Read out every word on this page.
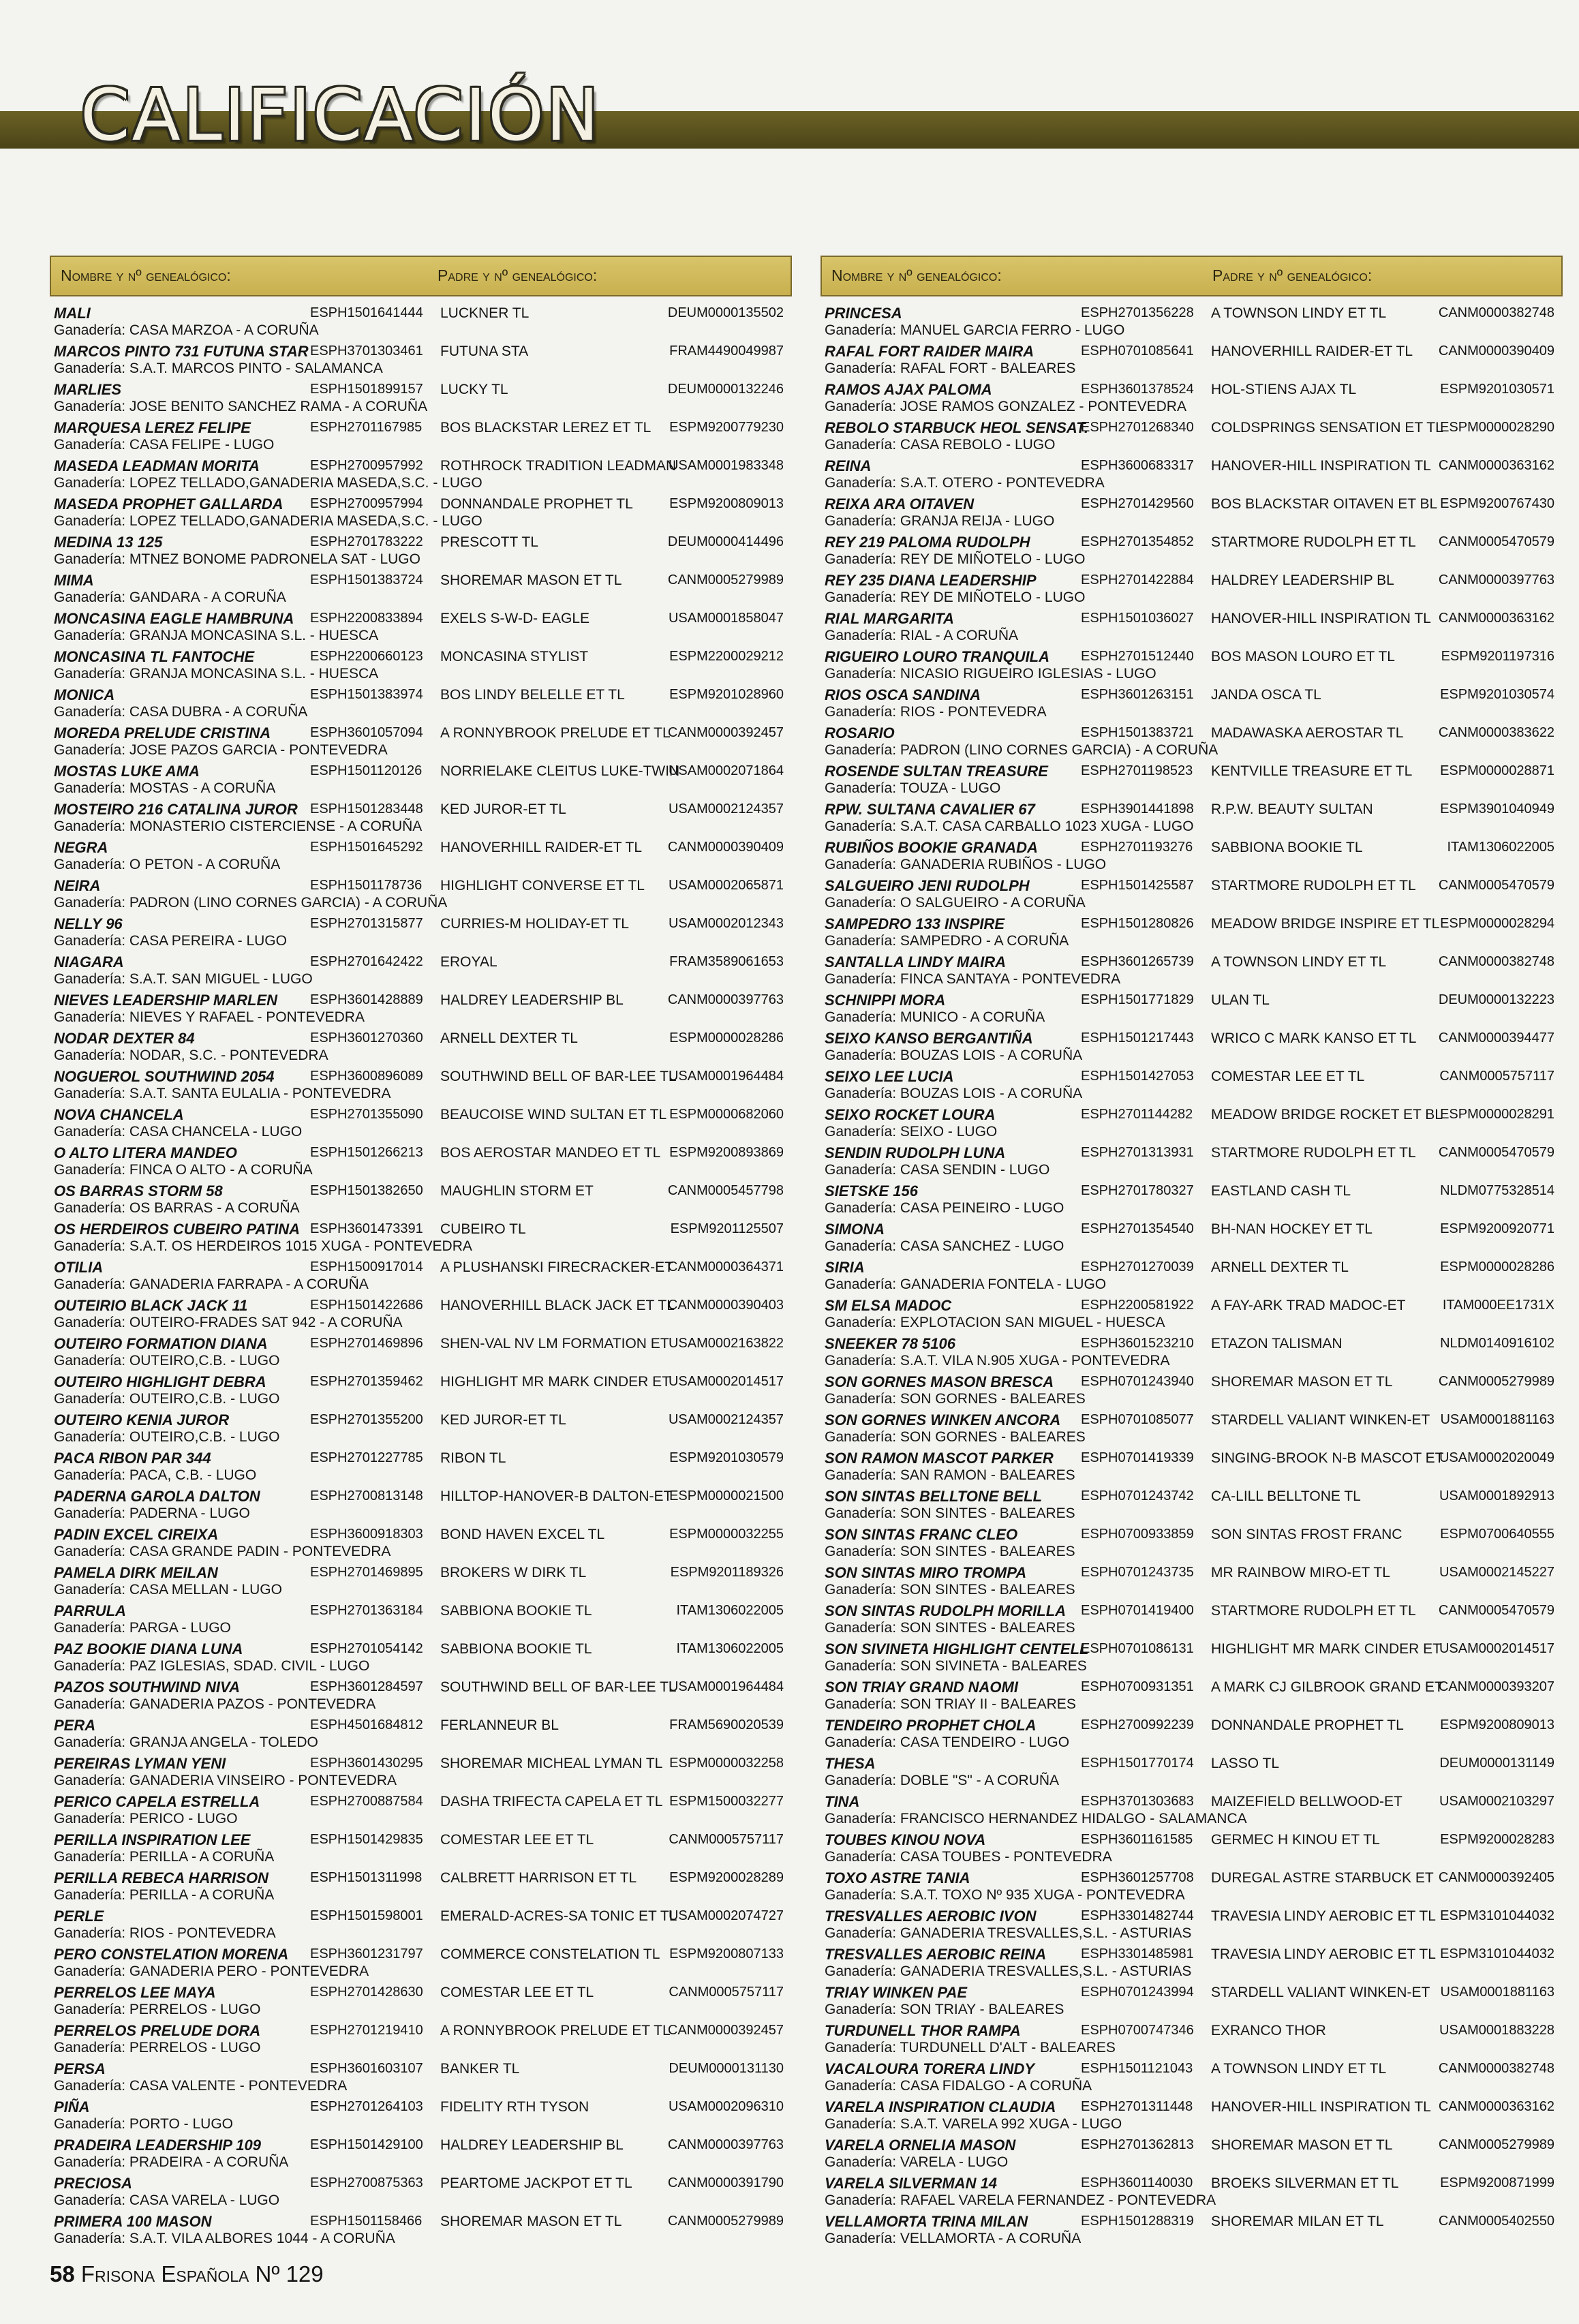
CALIFICACIÓN
Nombre y nº genealógico:	Padre y nº genealógico:
MALI	ESPH1501641444 LUCKNER TL	DEUM0000135502
Ganadería: CASA MARZOA - A CORUÑA
MARCOS PINTO 731 FUTUNA STAR ESPH3701303461 FUTUNA STA	FRAM4490049987
Ganadería: S.A.T. MARCOS PINTO - SALAMANCA
MARLIES	ESPH1501899157 LUCKY TL	DEUM0000132246
Ganadería: JOSE BENITO SANCHEZ RAMA - A CORUÑA
MARQUESA LEREZ FELIPE	ESPH2701167985 BOS BLACKSTAR LEREZ ET TL ESPM9200779230
Ganadería: CASA FELIPE - LUGO
MASEDA LEADMAN MORITA	ESPH2700957992 ROTHROCK TRADITION LEADMAN
USAM0001983348
Ganadería: LOPEZ TELLADO,GANADERIA MASEDA,S.C. - LUGO
MASEDA PROPHET GALLARDA ESPH2700957994 DONNANDALE PROPHET TL	ESPM9200809013
Ganadería: LOPEZ TELLADO,GANADERIA MASEDA,S.C. - LUGO
MEDINA 13 125	ESPH2701783222 PRESCOTT TL	DEUM0000414496
Ganadería: MTNEZ BONOME PADRONELA SAT - LUGO
MIMA	ESPH1501383724 SHOREMAR MASON ET TL	CANM0005279989
Ganadería: GANDARA - A CORUÑA
MONCASINA EAGLE HAMBRUNA ESPH2200833894 EXELS S-W-D- EAGLE	USAM0001858047
Ganadería: GRANJA MONCASINA S.L. - HUESCA
MONCASINA TL FANTOCHE	ESPH2200660123 MONCASINA STYLIST	ESPM2200029212
Ganadería: GRANJA MONCASINA S.L. - HUESCA
MONICA	ESPH1501383974 BOS LINDY BELELLE ET TL	ESPM9201028960
Ganadería: CASA DUBRA - A CORUÑA
MOREDA PRELUDE CRISTINA	ESPH3601057094 A RONNYBROOK PRELUDE ET TL
CANM0000392457
Ganadería: JOSE PAZOS GARCIA - PONTEVEDRA
MOSTAS LUKE AMA	ESPH1501120126 NORRIELAKE CLEITUS LUKE-TWIN
USAM0002071864
Ganadería: MOSTAS - A CORUÑA
MOSTEIRO 216 CATALINA JUROR ESPH1501283448 KED JUROR-ET TL	USAM0002124357
Ganadería: MONASTERIO CISTERCIENSE - A CORUÑA
NEGRA	ESPH1501645292 HANOVERHILL RAIDER-ET TL CANM0000390409
Ganadería: O PETON - A CORUÑA
NEIRA	ESPH1501178736 HIGHLIGHT CONVERSE ET TL USAM0002065871
Ganadería: PADRON (LINO CORNES GARCIA) - A CORUÑA
NELLY 96	ESPH2701315877 CURRIES-M HOLIDAY-ET TL	USAM0002012343
Ganadería: CASA PEREIRA - LUGO
NIAGARA	ESPH2701642422 EROYAL	FRAM3589061653
Ganadería: S.A.T. SAN MIGUEL - LUGO
NIEVES LEADERSHIP MARLEN ESPH3601428889 HALDREY LEADERSHIP BL	CANM0000397763
Ganadería: NIEVES Y RAFAEL - PONTEVEDRA
NODAR DEXTER 84	ESPH3601270360 ARNELL DEXTER TL	ESPM0000028286
Ganadería: NODAR, S.C. - PONTEVEDRA
NOGUEROL SOUTHWIND 2054	ESPH3600896089 SOUTHWIND BELL OF BAR-LEE TL
USAM0001964484
Ganadería: S.A.T. SANTA EULALIA - PONTEVEDRA
NOVA CHANCELA	ESPH2701355090 BEAUCOISE WIND SULTAN ET TL ESPM0000682060
Ganadería: CASA CHANCELA - LUGO
O ALTO LITERA MANDEO	ESPH1501266213 BOS AEROSTAR MANDEO ET TL ESPM9200893869
Ganadería: FINCA O ALTO - A CORUÑA
OS BARRAS STORM 58	ESPH1501382650 MAUGHLIN STORM ET	CANM0005457798
Ganadería: OS BARRAS - A CORUÑA
OS HERDEIROS CUBEIRO PATINA ESPH3601473391 CUBEIRO TL	ESPM9201125507
Ganadería: S.A.T. OS HERDEIROS 1015 XUGA - PONTEVEDRA
OTILIA	ESPH1500917014 A PLUSHANSKI FIRECRACKER-ET
CANM0000364371
Ganadería: GANADERIA FARRAPA - A CORUÑA
OUTEIRIO BLACK JACK 11	ESPH1501422686 HANOVERHILL BLACK JACK ET TL
CANM0000390403
Ganadería: OUTEIRO-FRADES SAT 942 - A CORUÑA
OUTEIRO FORMATION DIANA	ESPH2701469896 SHEN-VAL NV LM FORMATION ET USAM0002163822
Ganadería: OUTEIRO,C.B. - LUGO
OUTEIRO HIGHLIGHT DEBRA	ESPH2701359462 HIGHLIGHT MR MARK CINDER ET
USAM0002014517
Ganadería: OUTEIRO,C.B. - LUGO
OUTEIRO KENIA JUROR	ESPH2701355200 KED JUROR-ET TL	USAM0002124357
Ganadería: OUTEIRO,C.B. - LUGO
PACA RIBON PAR 344	ESPH2701227785 RIBON TL	ESPM9201030579
Ganadería: PACA, C.B. - LUGO
PADERNA GAROLA DALTON	ESPH2700813148 HILLTOP-HANOVER-B DALTON-ET
ESPM0000021500
Ganadería: PADERNA - LUGO
PADIN EXCEL CIREIXA	ESPH3600918303 BOND HAVEN EXCEL TL	ESPM0000032255
Ganadería: CASA GRANDE PADIN - PONTEVEDRA
PAMELA DIRK MEILAN	ESPH2701469895 BROKERS W DIRK TL	ESPM9201189326
Ganadería: CASA MELLAN - LUGO
PARRULA	ESPH2701363184 SABBIONA BOOKIE TL	ITAM1306022005
Ganadería: PARGA - LUGO
PAZ BOOKIE DIANA LUNA	ESPH2701054142 SABBIONA BOOKIE TL	ITAM1306022005
Ganadería: PAZ IGLESIAS, SDAD. CIVIL - LUGO
PAZOS SOUTHWIND NIVA	ESPH3601284597 SOUTHWIND BELL OF BAR-LEE TL
USAM0001964484
Ganadería: GANADERIA PAZOS - PONTEVEDRA
PERA	ESPH4501684812 FERLANNEUR BL	FRAM5690020539
Ganadería: GRANJA ANGELA - TOLEDO
PEREIRAS LYMAN YENI	ESPH3601430295 SHOREMAR MICHEAL LYMAN TL ESPM0000032258
Ganadería: GANADERIA VINSEIRO - PONTEVEDRA
PERICO CAPELA ESTRELLA	ESPH2700887584 DASHA TRIFECTA CAPELA ET TL ESPM1500032277
Ganadería: PERICO - LUGO
PERILLA INSPIRATION LEE	ESPH1501429835 COMESTAR LEE ET TL	CANM0005757117
Ganadería: PERILLA - A CORUÑA
PERILLA REBECA HARRISON	ESPH1501311998 CALBRETT HARRISON ET TL ESPM9200028289
Ganadería: PERILLA - A CORUÑA
PERLE	ESPH1501598001 EMERALD-ACRES-SA TONIC ET TL
USAM0002074727
Ganadería: RIOS - PONTEVEDRA
PERO CONSTELATION MORENA ESPH3601231797 COMMERCE CONSTELATION TL ESPM9200807133
Ganadería: GANADERIA PERO - PONTEVEDRA
PERRELOS LEE MAYA	ESPH2701428630 COMESTAR LEE ET TL	CANM0005757117
Ganadería: PERRELOS - LUGO
PERRELOS PRELUDE DORA	ESPH2701219410 A RONNYBROOK PRELUDE ET TL
CANM0000392457
Ganadería: PERRELOS - LUGO
PERSA	ESPH3601603107 BANKER TL	DEUM0000131130
Ganadería: CASA VALENTE - PONTEVEDRA
PIÑA	ESPH2701264103 FIDELITY RTH TYSON	USAM0002096310
Ganadería: PORTO - LUGO
PRADEIRA LEADERSHIP 109	ESPH1501429100 HALDREY LEADERSHIP BL	CANM0000397763
Ganadería: PRADEIRA - A CORUÑA
PRECIOSA	ESPH2700875363 PEARTOME JACKPOT ET TL	CANM0000391790
Ganadería: CASA VARELA - LUGO
PRIMERA 100 MASON	ESPH1501158466 SHOREMAR MASON ET TL	CANM0005279989
Ganadería: S.A.T. VILA ALBORES 1044 - A CORUÑA
Nombre y nº genealógico:	Padre y nº genealógico:
PRINCESA	ESPH2701356228 A TOWNSON LINDY ET TL	CANM0000382748
Ganadería: MANUEL GARCIA FERRO - LUGO
RAFAL FORT RAIDER MAIRA	ESPH0701085641 HANOVERHILL RAIDER-ET TL CANM0000390409
Ganadería: RAFAL FORT - BALEARES
RAMOS AJAX PALOMA	ESPH3601378524 HOL-STIENS AJAX TL	ESPM9201030571
Ganadería: JOSE RAMOS GONZALEZ - PONTEVEDRA
REBOLO STARBUCK HEOL SENSAT.
ESPH2701268340 COLDSPRINGS SENSATION ET TL
ESPM0000028290
Ganadería: CASA REBOLO - LUGO
REINA	ESPH3600683317 HANOVER-HILL INSPIRATION TL CANM0000363162
Ganadería: S.A.T. OTERO - PONTEVEDRA
REIXA ARA OITAVEN	ESPH2701429560 BOS BLACKSTAR OITAVEN ET BL ESPM9200767430
Ganadería: GRANJA REIJA - LUGO
REY 219 PALOMA RUDOLPH	ESPH2701354852 STARTMORE RUDOLPH ET TL CANM0005470579
Ganadería: REY DE MIÑOTELO - LUGO
REY 235 DIANA LEADERSHIP	ESPH2701422884 HALDREY LEADERSHIP BL	CANM0000397763
Ganadería: REY DE MIÑOTELO - LUGO
RIAL MARGARITA	ESPH1501036027 HANOVER-HILL INSPIRATION TL CANM0000363162
Ganadería: RIAL - A CORUÑA
RIGUEIRO LOURO TRANQUILA ESPH2701512440 BOS MASON LOURO ET TL	ESPM9201197316
Ganadería: NICASIO RIGUEIRO IGLESIAS - LUGO
RIOS OSCA SANDINA	ESPH3601263151 JANDA OSCA TL	ESPM9201030574
Ganadería: RIOS - PONTEVEDRA
ROSARIO	ESPH1501383721 MADAWASKA AEROSTAR TL	CANM0000383622
Ganadería: PADRON (LINO CORNES GARCIA) - A CORUÑA
ROSENDE SULTAN TREASURE ESPH2701198523 KENTVILLE TREASURE ET TL ESPM0000028871
Ganadería: TOUZA - LUGO
RPW. SULTANA CAVALIER 67	ESPH3901441898 R.P.W. BEAUTY SULTAN	ESPM3901040949
Ganadería: S.A.T. CASA CARBALLO 1023 XUGA - LUGO
RUBIÑOS BOOKIE GRANADA	ESPH2701193276 SABBIONA BOOKIE TL	ITAM1306022005
Ganadería: GANADERIA RUBIÑOS - LUGO
SALGUEIRO JENI RUDOLPH	ESPH1501425587 STARTMORE RUDOLPH ET TL CANM0005470579
Ganadería: O SALGUEIRO - A CORUÑA
SAMPEDRO 133 INSPIRE	ESPH1501280826 MEADOW BRIDGE INSPIRE ET TL ESPM0000028294
Ganadería: SAMPEDRO - A CORUÑA
SANTALLA LINDY MAIRA	ESPH3601265739 A TOWNSON LINDY ET TL	CANM0000382748
Ganadería: FINCA SANTAYA - PONTEVEDRA
SCHNIPPI MORA	ESPH1501771829 ULAN TL	DEUM0000132223
Ganadería: MUNICO - A CORUÑA
SEIXO KANSO BERGANTIÑA	ESPH1501217443 WRICO C MARK KANSO ET TL CANM0000394477
Ganadería: BOUZAS LOIS - A CORUÑA
SEIXO LEE LUCIA	ESPH1501427053 COMESTAR LEE ET TL	CANM0005757117
Ganadería: BOUZAS LOIS - A CORUÑA
SEIXO ROCKET LOURA	ESPH2701144282 MEADOW BRIDGE ROCKET ET BL
ESPM0000028291
Ganadería: SEIXO - LUGO
SENDIN RUDOLPH LUNA	ESPH2701313931 STARTMORE RUDOLPH ET TL CANM0005470579
Ganadería: CASA SENDIN - LUGO
SIETSKE 156	ESPH2701780327 EASTLAND CASH TL	NLDM0775328514
Ganadería: CASA PEINEIRO - LUGO
SIMONA	ESPH2701354540 BH-NAN HOCKEY ET TL	ESPM9200920771
Ganadería: CASA SANCHEZ - LUGO
SIRIA	ESPH2701270039 ARNELL DEXTER TL	ESPM0000028286
Ganadería: GANADERIA FONTELA - LUGO
SM ELSA MADOC	ESPH2200581922 A FAY-ARK TRAD MADOC-ET	ITAM000EE1731X
Ganadería: EXPLOTACION SAN MIGUEL - HUESCA
SNEEKER 78 5106	ESPH3601523210 ETAZON TALISMAN	NLDM0140916102
Ganadería: S.A.T. VILA N.905 XUGA - PONTEVEDRA
SON GORNES MASON BRESCA ESPH0701243940 SHOREMAR MASON ET TL	CANM0005279989
Ganadería: SON GORNES - BALEARES
SON GORNES WINKEN ANCORA ESPH0701085077 STARDELL VALIANT WINKEN-ET USAM0001881163
Ganadería: SON GORNES - BALEARES
SON RAMON MASCOT PARKER ESPH0701419339 SINGING-BROOK N-B MASCOT ET
USAM0002020049
Ganadería: SAN RAMON - BALEARES
SON SINTAS BELLTONE BELL	ESPH0701243742 CA-LILL BELLTONE TL	USAM0001892913
Ganadería: SON SINTES - BALEARES
SON SINTAS FRANC CLEO	ESPH0700933859 SON SINTAS FROST FRANC	ESPM0700640555
Ganadería: SON SINTES - BALEARES
SON SINTAS MIRO TROMPA	ESPH0701243735 MR RAINBOW MIRO-ET TL	USAM0002145227
Ganadería: SON SINTES - BALEARES
SON SINTAS RUDOLPH MORILLA ESPH0701419400 STARTMORE RUDOLPH ET TL CANM0005470579
Ganadería: SON SINTES - BALEARES
SON SIVINETA HIGHLIGHT CENTELL
ESPH0701086131 HIGHLIGHT MR MARK CINDER ET
USAM0002014517
Ganadería: SON SIVINETA - BALEARES
SON TRIAY GRAND NAOMI	ESPH0700931351 A MARK CJ GILBROOK GRAND ET
CANM0000393207
Ganadería: SON TRIAY II - BALEARES
TENDEIRO PROPHET CHOLA	ESPH2700992239 DONNANDALE PROPHET TL	ESPM9200809013
Ganadería: CASA TENDEIRO - LUGO
THESA	ESPH1501770174 LASSO TL	DEUM0000131149
Ganadería: DOBLE "S" - A CORUÑA
TINA	ESPH3701303683 MAIZEFIELD BELLWOOD-ET	USAM0002103297
Ganadería: FRANCISCO HERNANDEZ HIDALGO - SALAMANCA
TOUBES KINOU NOVA	ESPH3601161585 GERMEC H KINOU ET TL	ESPM9200028283
Ganadería: CASA TOUBES - PONTEVEDRA
TOXO ASTRE TANIA	ESPH3601257708 DUREGAL ASTRE STARBUCK ET CANM0000392405
Ganadería: S.A.T. TOXO Nº 935 XUGA - PONTEVEDRA
TRESVALLES AEROBIC IVON	ESPH3301482744 TRAVESIA LINDY AEROBIC ET TL ESPM3101044032
Ganadería: GANADERIA TRESVALLES,S.L. - ASTURIAS
TRESVALLES AEROBIC REINA	ESPH3301485981 TRAVESIA LINDY AEROBIC ET TL ESPM3101044032
Ganadería: GANADERIA TRESVALLES,S.L. - ASTURIAS
TRIAY WINKEN PAE	ESPH0701243994 STARDELL VALIANT WINKEN-ET USAM0001881163
Ganadería: SON TRIAY - BALEARES
TURDUNELL THOR RAMPA	ESPH0700747346 EXRANCO THOR	USAM0001883228
Ganadería: TURDUNELL D'ALT - BALEARES
VACALOURA TORERA LINDY	ESPH1501121043 A TOWNSON LINDY ET TL	CANM0000382748
Ganadería: CASA FIDALGO - A CORUÑA
VARELA INSPIRATION CLAUDIA ESPH2701311448 HANOVER-HILL INSPIRATION TL CANM0000363162
Ganadería: S.A.T. VARELA 992 XUGA - LUGO
VARELA ORNELIA MASON	ESPH2701362813 SHOREMAR MASON ET TL	CANM0005279989
Ganadería: VARELA - LUGO
VARELA SILVERMAN 14	ESPH3601140030 BROEKS SILVERMAN ET TL	ESPM9200871999
Ganadería: RAFAEL VARELA FERNANDEZ - PONTEVEDRA
VELLAMORTA TRINA MILAN	ESPH1501288319 SHOREMAR MILAN ET TL	CANM0005402550
Ganadería: VELLAMORTA - A CORUÑA
58 Frisona Española Nº 129
